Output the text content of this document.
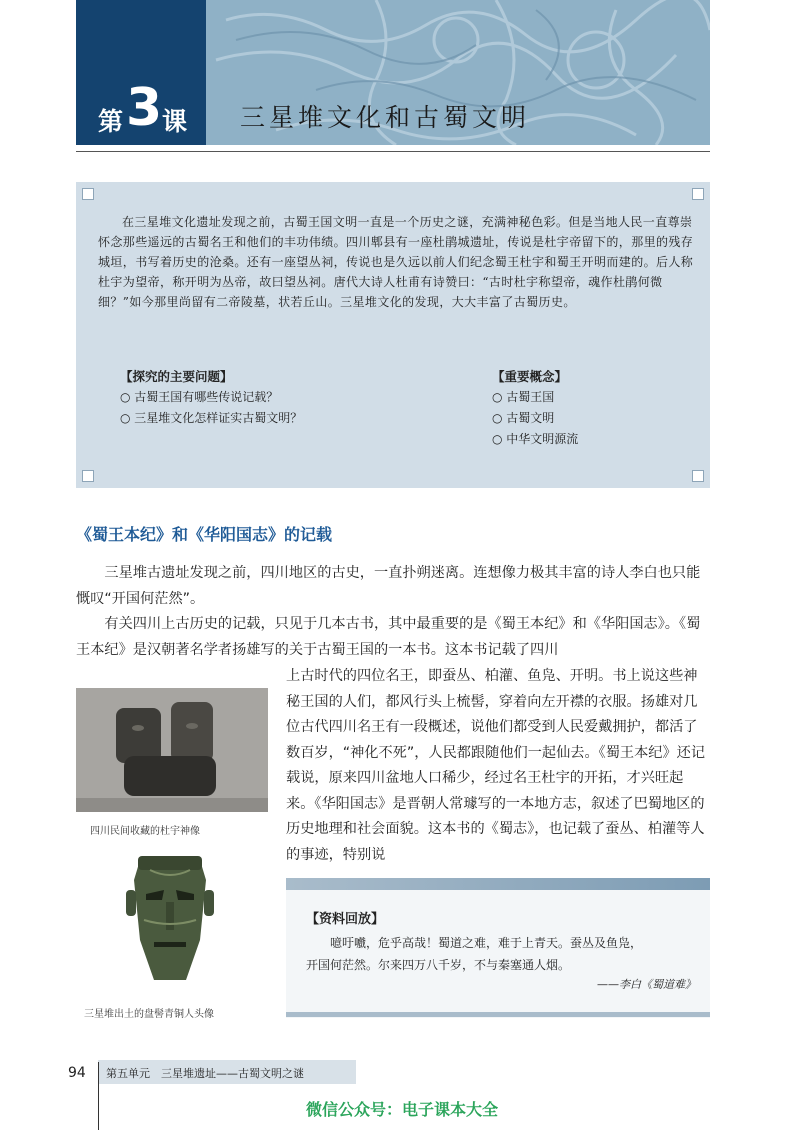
第 3 课 三星堆文化和古蜀文明

在三星堆文化遗址发现之前，古蜀王国文明一直是一个历史之谜，充满神秘色彩。但是当地人民一直尊崇怀念那些遥远的古蜀名王和他们的丰功伟绩。四川郫县有一座杜鹃城遗址，传说是杜宇帝留下的，那里的残存城垣，书写着历史的沧桑。还有一座望丛祠，传说也是久远以前人们纪念蜀王杜宇和蜀王开明而建的。后人称杜宇为望帝，称开明为丛帝，故曰望丛祠。唐代大诗人杜甫有诗赞曰：“古时杜宇称望帝，魂作杜鹃何微细？”如今那里尚留有二帝陵墓，状若丘山。三星堆文化的发现，大大丰富了古蜀历史。

【探究的主要问题】
○ 古蜀王国有哪些传说记载？
○ 三星堆文化怎样证实古蜀文明？
【重要概念】
○ 古蜀王国
○ 古蜀文明
○ 中华文明源流
《蜀王本纪》和《华阳国志》的记载

三星堆古遗址发现之前，四川地区的古史，一直扑朔迷离。连想像力极其丰富的诗人李白也只能慨叹“开国何茫然”。

有关四川上古历史的记载，只见于几本古书，其中最重要的是《蜀王本纪》和《华阳国志》。《蜀王本纪》是汉朝著名学者扬雄写的关于古蜀王国的一本书。这本书记载了四川

上古时代的四位名王，即蚕丛、柏灌、鱼凫、开明。书上说这些神秘王国的人们，都风行头上梳髻，穿着向左开襟的衣服。扬雄对几位古代四川名王有一段概述，说他们都受到人民爱戴拥护，都活了数百岁，“神化不死”，人民都跟随他们一起仙去。《蜀王本纪》还记载说，原来四川盆地人口稀少，经过名王杜宇的开拓，才兴旺起来。《华阳国志》是晋朝人常璩写的一本地方志，叙述了巴蜀地区的历史地理和社会面貌。这本书的《蜀志》，也记载了蚕丛、柏灌等人的事迹，特别说

四川民间收藏的杜宇神像
三星堆出土的盘髻青铜人头像
【资料回放】
噫吁嚱，危乎高哉！蜀道之难，难于上青天。蚕丛及鱼凫，
开国何茫然。尔来四万八千岁，不与秦塞通人烟。
——李白《蜀道难》
94 第五单元　三星堆遗址——古蜀文明之谜
微信公众号：电子课本大全
